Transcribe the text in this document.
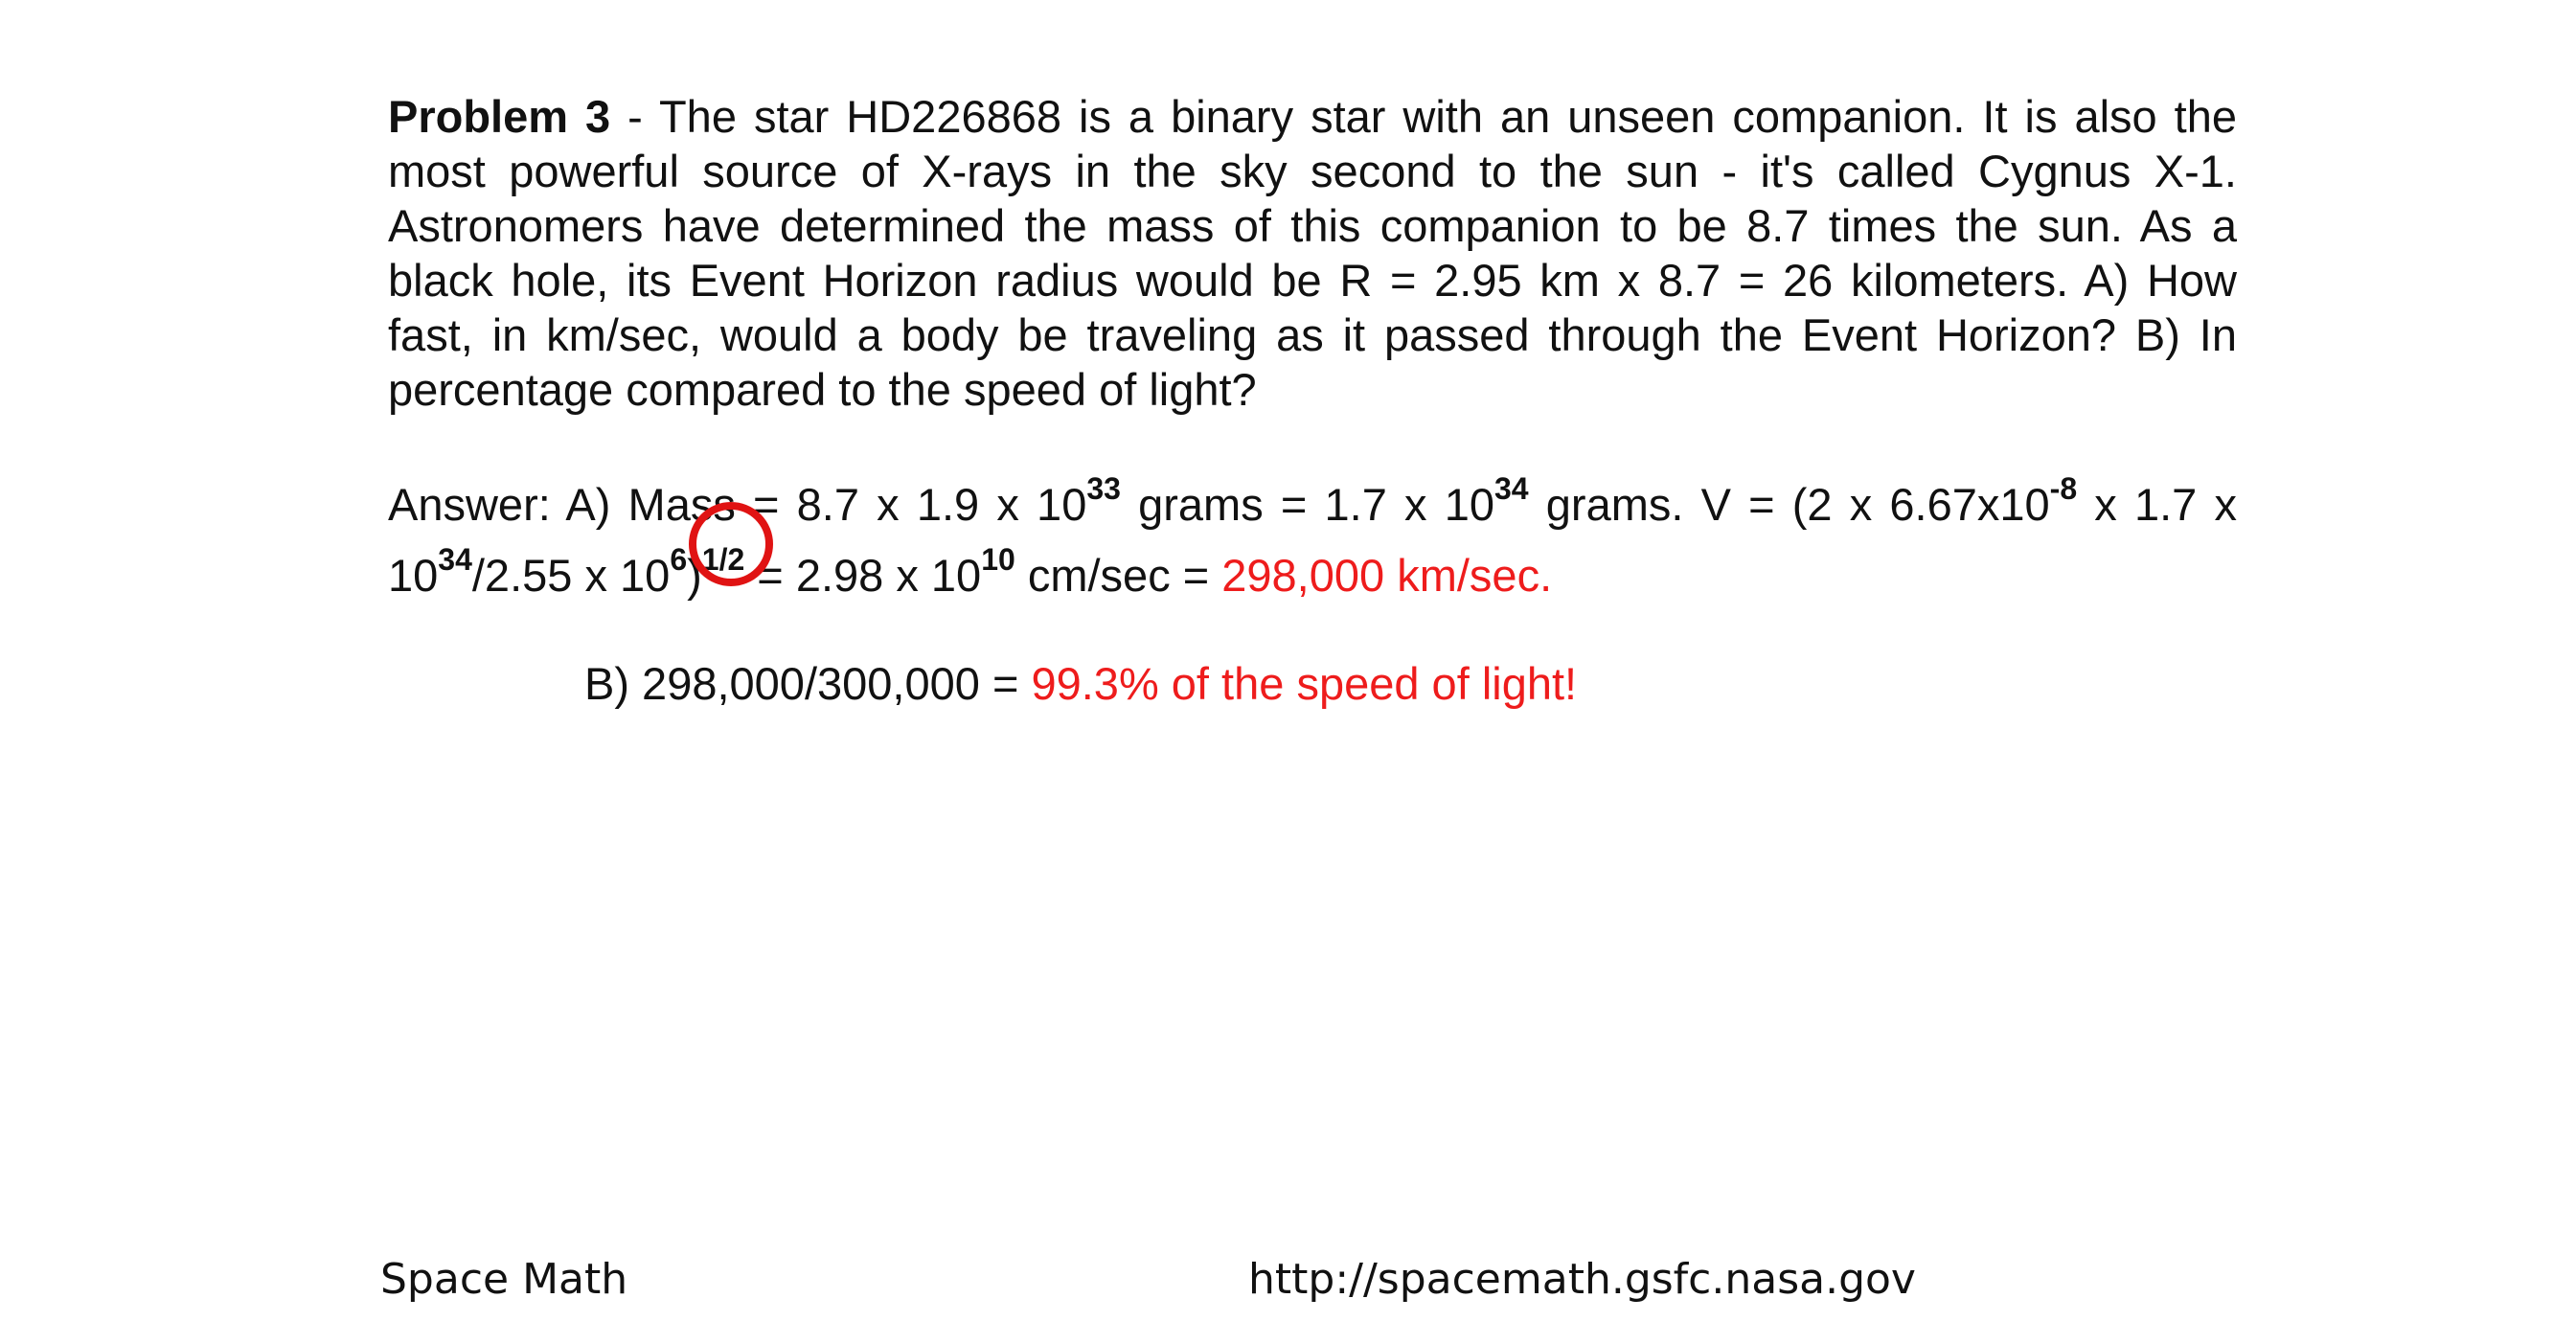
Problem 3 - The star HD226868 is a binary star with an unseen companion. It is also the most powerful source of X-rays in the sky second to the sun - it's called Cygnus X-1. Astronomers have determined the mass of this companion to be 8.7 times the sun. As a black hole, its Event Horizon radius would be R = 2.95 km x 8.7 = 26 kilometers. A) How fast, in km/sec, would a body be traveling as it passed through the Event Horizon? B) In percentage compared to the speed of light?

Answer: A) Mass = 8.7 x 1.9 x $10^{33}$ grams = 1.7 x $10^{34}$ grams. V = (2 x $6.67x10^{-8}$ x 1.7 x $10^{34}/2.55$ x $10^6)^{1/2}$
= 2.98 x $10^{10}$ cm/sec = 298,000 km/sec.

B) 298,000/300,000 = 99.3% of the speed of light!

Space Math	http://spacemath.gsfc.nasa.gov
